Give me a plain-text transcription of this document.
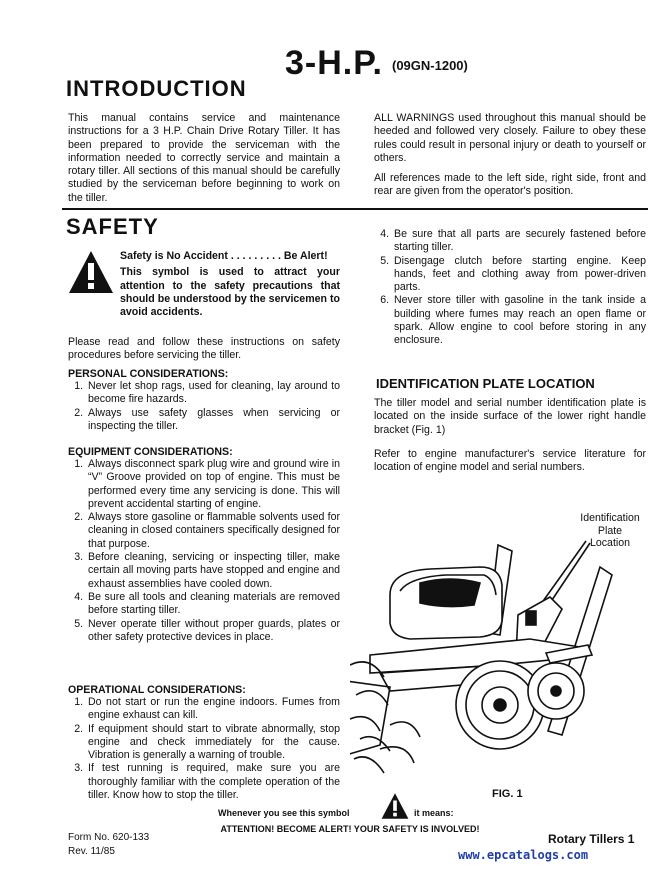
3-H.P. (09GN-1200)
INTRODUCTION
This manual contains service and maintenance instructions for a 3 H.P. Chain Drive Rotary Tiller. It has been prepared to provide the serviceman with the information needed to correctly service and maintain a rotary tiller. All sections of this manual should be carefully studied by the serviceman before beginning to work on the tiller.
ALL WARNINGS used throughout this manual should be heeded and followed very closely. Failure to obey these rules could result in personal injury or death to yourself or others.
All references made to the left side, right side, front and rear are given from the operator's position.
SAFETY
Safety is No Accident . . . . . . . . . Be Alert!
This symbol is used to attract your attention to the safety precautions that should be understood by the servicemen to avoid accidents.
Please read and follow these instructions on safety procedures before servicing the tiller.
PERSONAL CONSIDERATIONS:
1. Never let shop rags, used for cleaning, lay around to become fire hazards.
2. Always use safety glasses when servicing or inspecting the tiller.
EQUIPMENT CONSIDERATIONS:
1. Always disconnect spark plug wire and ground wire in “V” Groove provided on top of engine. This must be performed every time any servicing is done. This will prevent accidental starting of engine.
2. Always store gasoline or flammable solvents used for cleaning in closed containers specifically designed for that purpose.
3. Before cleaning, servicing or inspecting tiller, make certain all moving parts have stopped and engine and exhaust assemblies have cooled down.
4. Be sure all tools and cleaning materials are removed before starting tiller.
5. Never operate tiller without proper guards, plates or other safety protective devices in place.
OPERATIONAL CONSIDERATIONS:
1. Do not start or run the engine indoors. Fumes from engine exhaust can kill.
2. If equipment should start to vibrate abnormally, stop engine and check immediately for the cause. Vibration is generally a warning of trouble.
3. If test running is required, make sure you are thoroughly familiar with the complete operation of the tiller. Know how to stop the tiller.
4. Be sure that all parts are securely fastened before starting tiller.
5. Disengage clutch before starting engine. Keep hands, feet and clothing away from power-driven parts.
6. Never store tiller with gasoline in the tank inside a building where fumes may reach an open flame or spark. Allow engine to cool before storing in any enclosure.
IDENTIFICATION PLATE LOCATION
The tiller model and serial number identification plate is located on the inside surface of the lower right handle bracket (Fig. 1)
Refer to engine manufacturer's service literature for location of engine model and serial numbers.
Identification
Plate
Location
FIG. 1
Whenever you see this symbol	it means:
ATTENTION! BECOME ALERT! YOUR SAFETY IS INVOLVED!
Form No. 620-133
Rev. 11/85
Rotary Tillers 1
www.epcatalogs.com
